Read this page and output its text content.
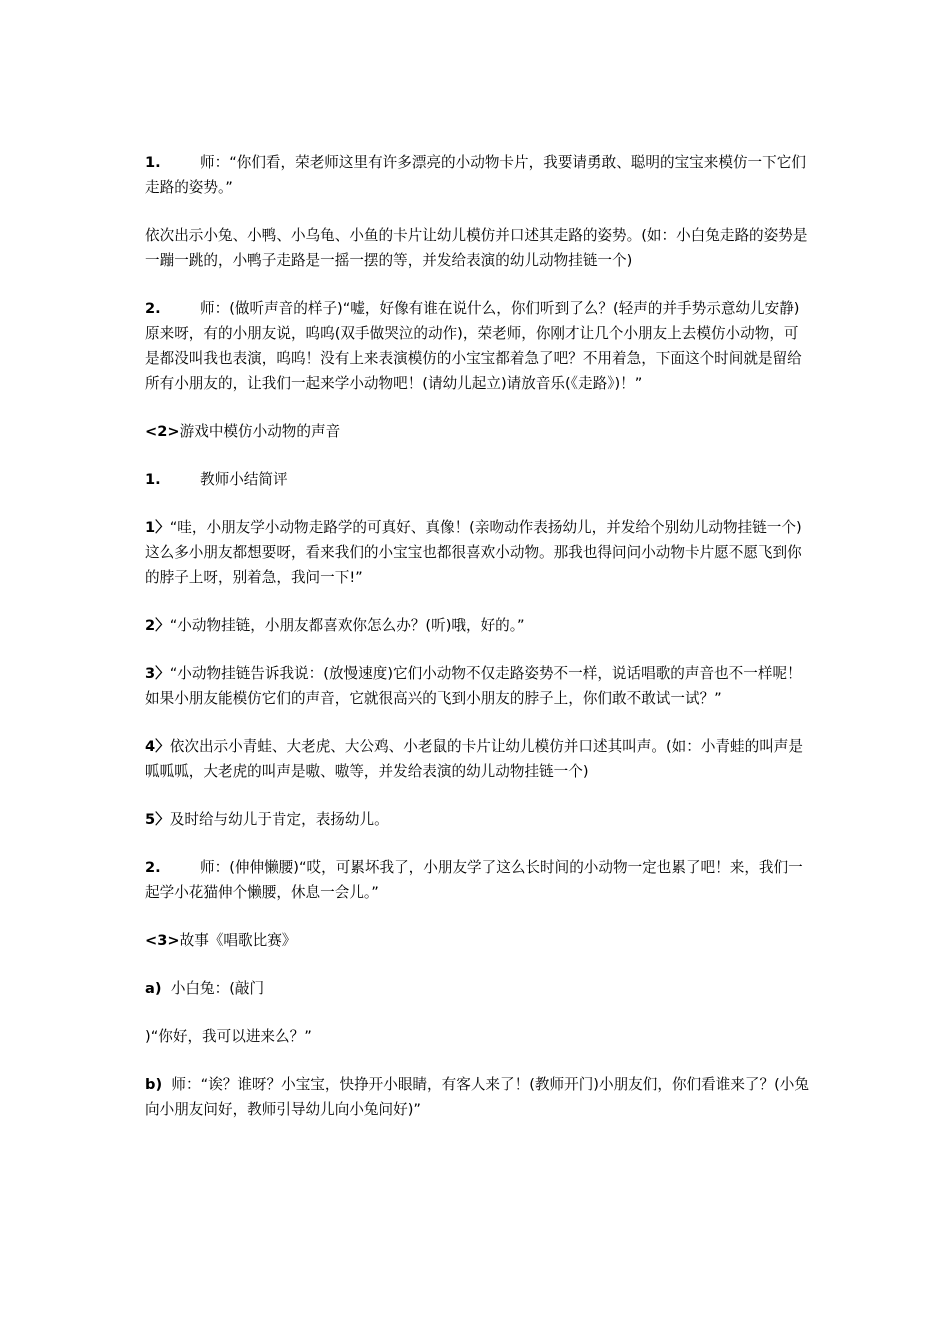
1.	师：“你们看，荣老师这里有许多漂亮的小动物卡片，我要请勇敢、聪明的宝宝来模仿一下它们走路的姿势。”

依次出示小兔、小鸭、小乌龟、小鱼的卡片让幼儿模仿并口述其走路的姿势。(如：小白兔走路的姿势是一蹦一跳的，小鸭子走路是一摇一摆的等，并发给表演的幼儿动物挂链一个)

2.	师：(做听声音的样子)“嘘，好像有谁在说什么，你们听到了么？(轻声的并手势示意幼儿安静)原来呀，有的小朋友说，呜呜(双手做哭泣的动作)，荣老师，你刚才让几个小朋友上去模仿小动物，可是都没叫我也表演，呜呜！没有上来表演模仿的小宝宝都着急了吧？不用着急，下面这个时间就是留给所有小朋友的，让我们一起来学小动物吧！(请幼儿起立)请放音乐(《走路》)！”

<2>游戏中模仿小动物的声音

1.	教师小结简评

1〉“哇，小朋友学小动物走路学的可真好、真像！(亲吻动作表扬幼儿，并发给个别幼儿动物挂链一个)这么多小朋友都想要呀，看来我们的小宝宝也都很喜欢小动物。那我也得问问小动物卡片愿不愿飞到你的脖子上呀，别着急，我问一下!”

2〉“小动物挂链，小朋友都喜欢你怎么办？(听)哦，好的。”

3〉“小动物挂链告诉我说：(放慢速度)它们小动物不仅走路姿势不一样，说话唱歌的声音也不一样呢！如果小朋友能模仿它们的声音，它就很高兴的飞到小朋友的脖子上，你们敢不敢试一试？”

4〉依次出示小青蛙、大老虎、大公鸡、小老鼠的卡片让幼儿模仿并口述其叫声。(如：小青蛙的叫声是呱呱呱，大老虎的叫声是嗷、嗷等，并发给表演的幼儿动物挂链一个)

5〉及时给与幼儿于肯定，表扬幼儿。

2.	师：(伸伸懒腰)“哎，可累坏我了，小朋友学了这么长时间的小动物一定也累了吧！来，我们一起学小花猫伸个懒腰，休息一会儿。”

<3>故事《唱歌比赛》

a) 小白兔：(敲门

)“你好，我可以进来么？”

b) 师：“诶？谁呀？小宝宝，快挣开小眼睛，有客人来了！(教师开门)小朋友们，你们看谁来了？(小兔向小朋友问好，教师引导幼儿向小兔问好)”
